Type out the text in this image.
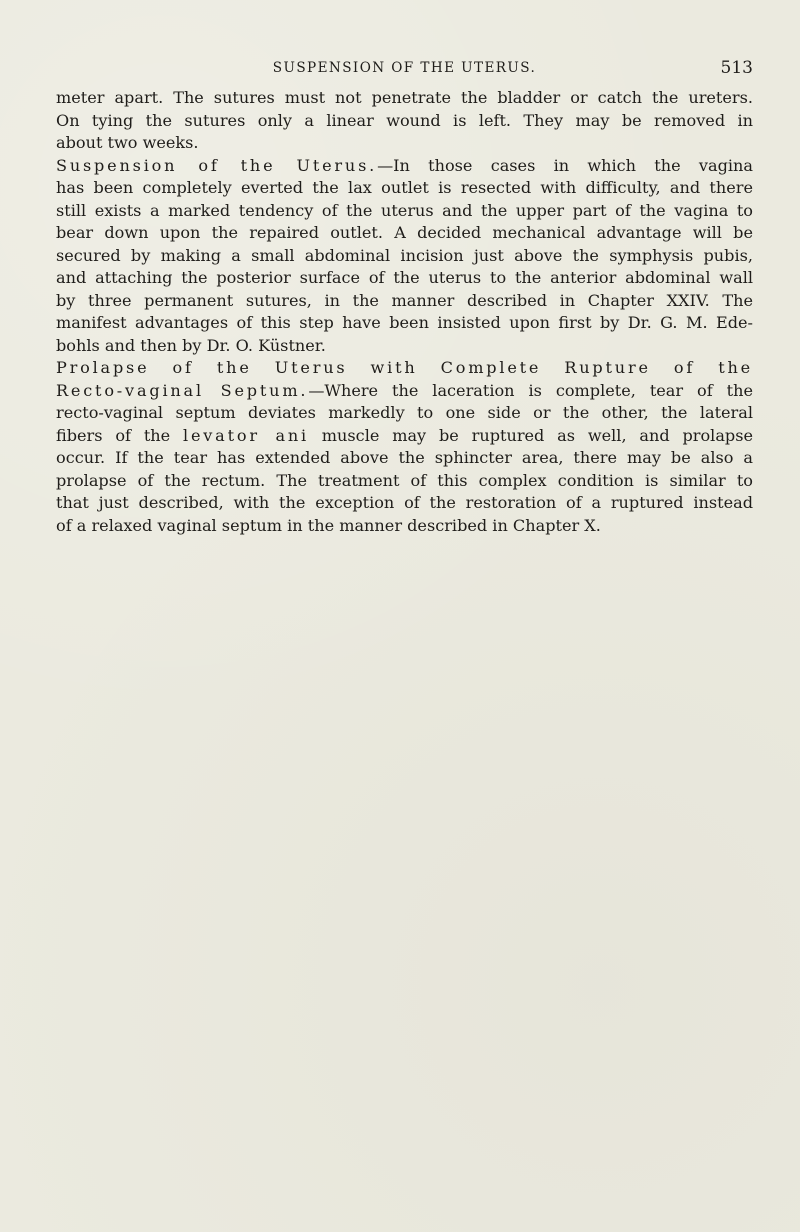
SUSPENSION OF THE UTERUS.	513
meter apart. The sutures must not penetrate the bladder or catch the ureters.
On tying the sutures only a linear wound is left. They may be removed in
about two weeks.
Suspension of the Uterus.—In those cases in which the vagina
has been completely everted the lax outlet is resected with difficulty, and there
still exists a marked tendency of the uterus and the upper part of the vagina to
bear down upon the repaired outlet. A decided mechanical advantage will be
secured by making a small abdominal incision just above the symphysis pubis,
and attaching the posterior surface of the uterus to the anterior abdominal wall
by three permanent sutures, in the manner described in Chapter XXIV. The
manifest advantages of this step have been insisted upon first by Dr. G. M. Ede-
bohls and then by Dr. O. Küstner.
Prolapse of the Uterus with Complete Rupture of the
Recto-vaginal Septum.—Where the laceration is complete, tear of the
recto-vaginal septum deviates markedly to one side or the other, the lateral
fibers of the levator ani muscle may be ruptured as well, and prolapse
occur. If the tear has extended above the sphincter area, there may be also a
prolapse of the rectum. The treatment of this complex condition is similar to
that just described, with the exception of the restoration of a ruptured instead
of a relaxed vaginal septum in the manner described in Chapter X.
